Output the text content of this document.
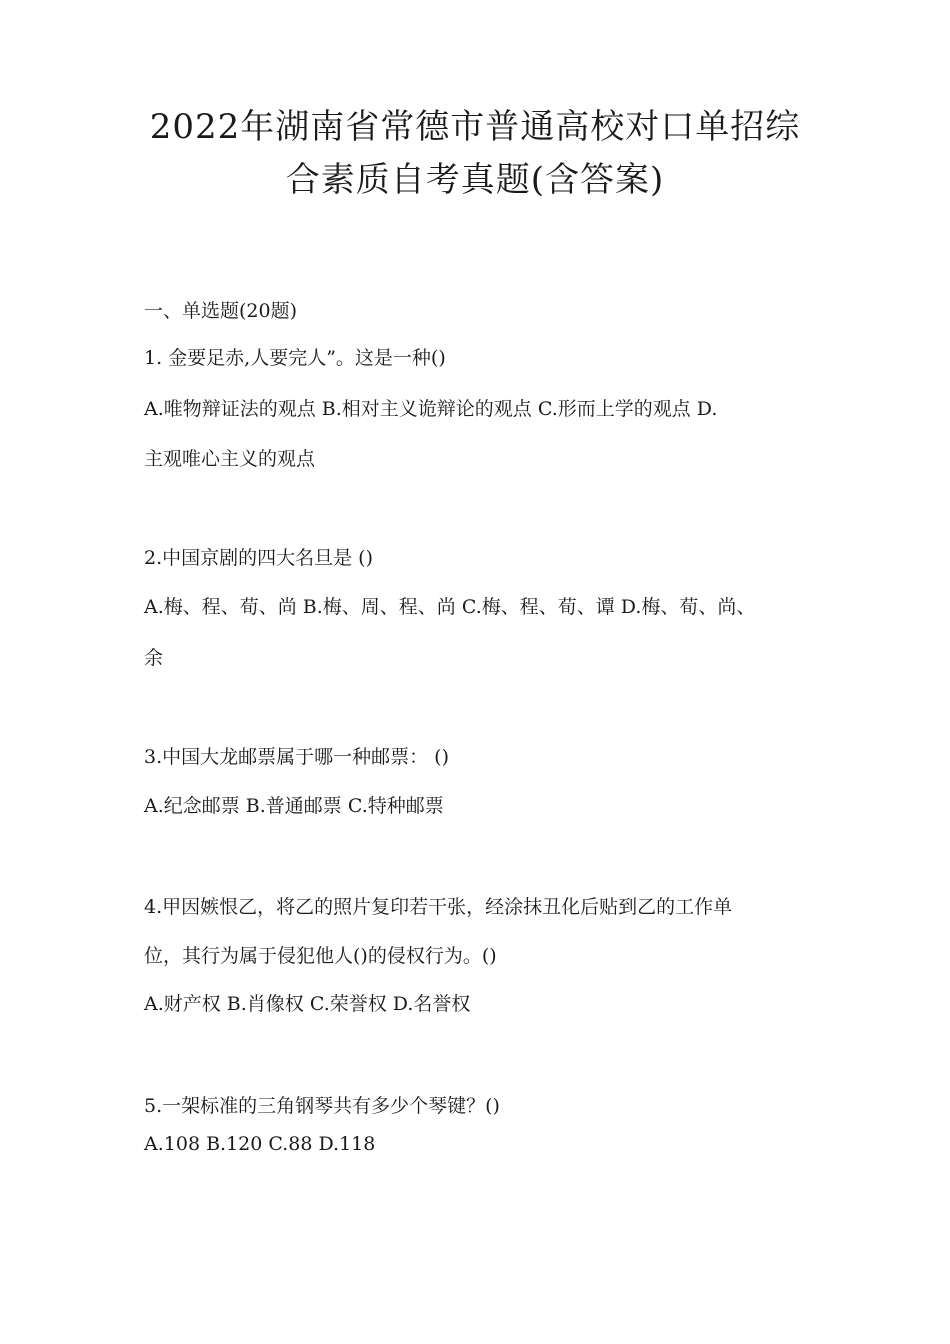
2022年湖南省常德市普通高校对口单招综
合素质自考真题(含答案)
一、单选题(20题)
1. 金要足赤,人要完人”。这是一种()
A.唯物辩证法的观点 B.相对主义诡辩论的观点 C.形而上学的观点 D.
主观唯心主义的观点
2.中国京剧的四大名旦是 ()
A.梅、程、荀、尚 B.梅、周、程、尚 C.梅、程、荀、谭 D.梅、荀、尚、
余
3.中国大龙邮票属于哪一种邮票： ()
A.纪念邮票 B.普通邮票 C.特种邮票
4.甲因嫉恨乙，将乙的照片复印若干张，经涂抹丑化后贴到乙的工作单
位，其行为属于侵犯他人()的侵权行为。()
A.财产权 B.肖像权 C.荣誉权 D.名誉权
5.一架标准的三角钢琴共有多少个琴键？()
A.108 B.120 C.88 D.118
